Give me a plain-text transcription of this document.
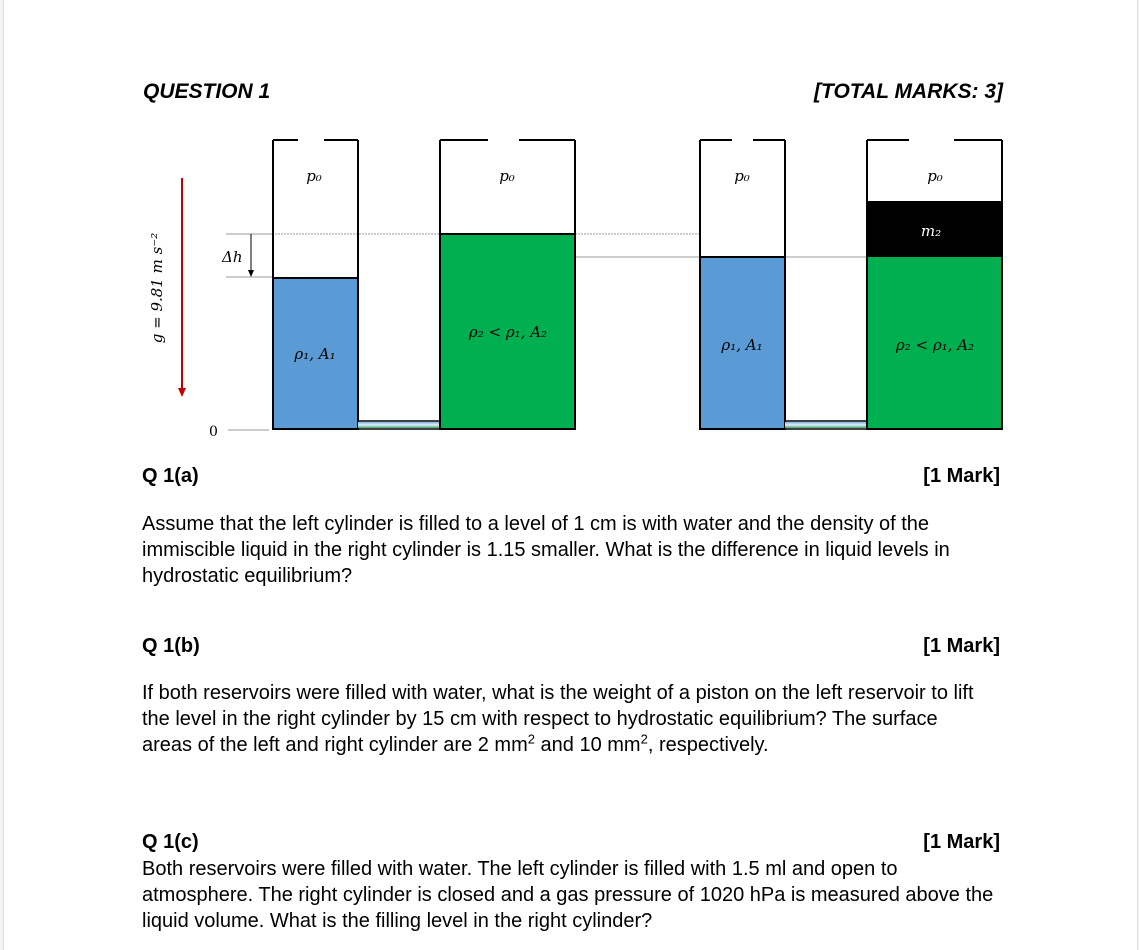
QUESTION 1	[TOTAL MARKS: 3]
g = 9.81 m s⁻²
0
Δh
p₀
ρ₁, A₁
p₀
ρ₂ < ρ₁, A₂
p₀
ρ₁, A₁
p₀
m₂
ρ₂ < ρ₁, A₂
Q 1(a)	[1 Mark]

Assume that the left cylinder is filled to a level of 1 cm is with water and the density of the immiscible liquid in the right cylinder is 1.15 smaller. What is the difference in liquid levels in hydrostatic equilibrium?

Q 1(b)	[1 Mark]

If both reservoirs were filled with water, what is the weight of a piston on the left reservoir to lift the level in the right cylinder by 15 cm with respect to hydrostatic equilibrium? The surface areas of the left and right cylinder are 2 $mm^2$ and 10 $mm^2$, respectively.

Q 1(c)	[1 Mark]

Both reservoirs were filled with water. The left cylinder is filled with 1.5 ml and open to atmosphere. The right cylinder is closed and a gas pressure of 1020 hPa is measured above the liquid volume. What is the filling level in the right cylinder?
